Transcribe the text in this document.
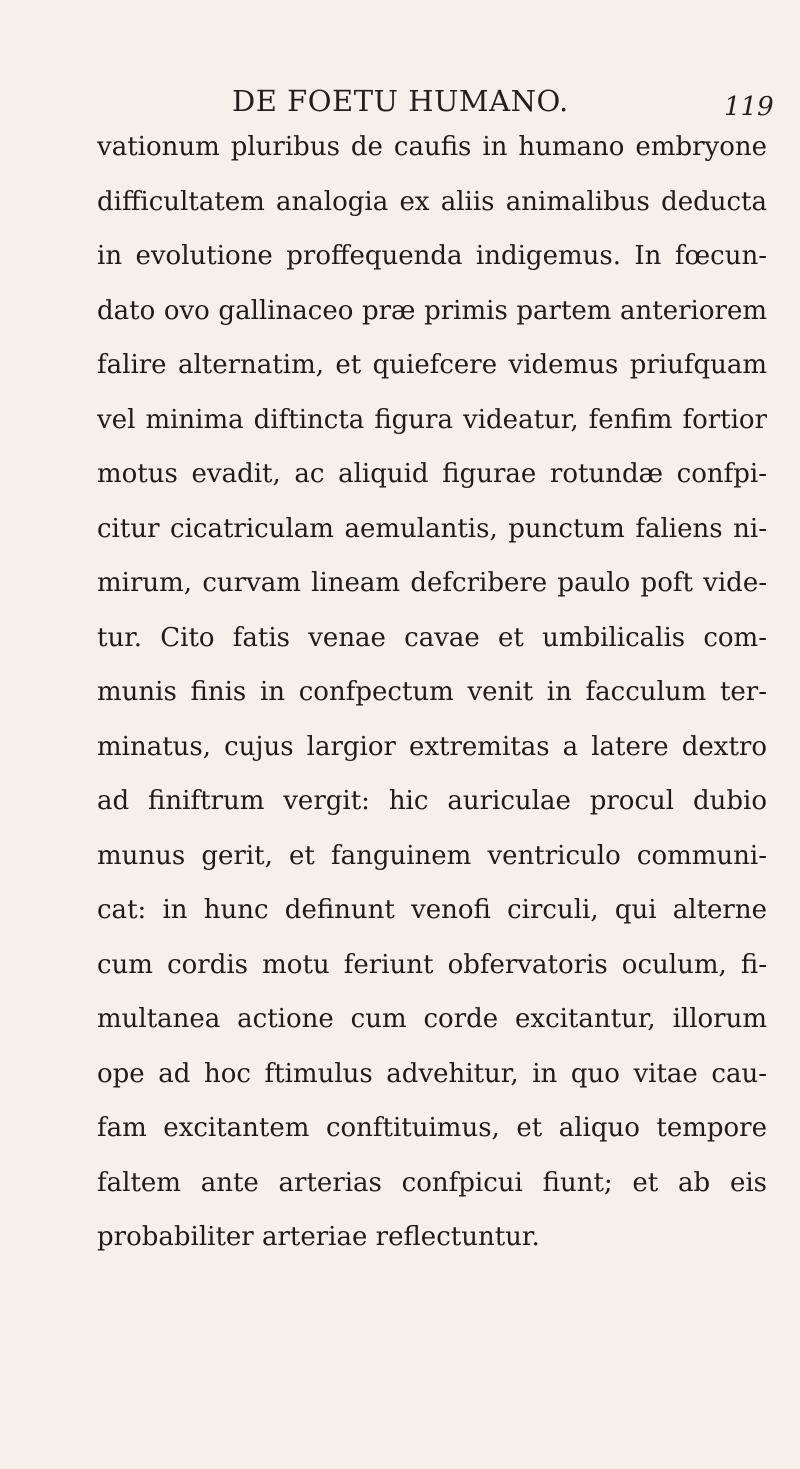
DE FOETU HUMANO.	119
vationum pluribus de caufis in humano embryone
difficultatem analogia ex aliis animalibus deducta
in evolutione proffequenda indigemus. In fœcun-
dato ovo gallinaceo præ primis partem anteriorem
falire alternatim, et quiefcere videmus priufquam
vel minima diftincta figura videatur, fenfim fortior
motus evadit, ac aliquid figurae rotundæ confpi-
citur cicatriculam aemulantis, punctum faliens ni-
mirum, curvam lineam defcribere paulo poft vide-
tur. Cito fatis venae cavae et umbilicalis com-
munis finis in confpectum venit in facculum ter-
minatus, cujus largior extremitas a latere dextro
ad finiftrum vergit: hic auriculae procul dubio
munus gerit, et fanguinem ventriculo communi-
cat: in hunc definunt venofi circuli, qui alterne
cum cordis motu feriunt obfervatoris oculum, fi-
multanea actione cum corde excitantur, illorum
ope ad hoc ftimulus advehitur, in quo vitae cau-
fam excitantem conftituimus, et aliquo tempore
faltem ante arterias confpicui fiunt; et ab eis
probabiliter arteriae reflectuntur.
